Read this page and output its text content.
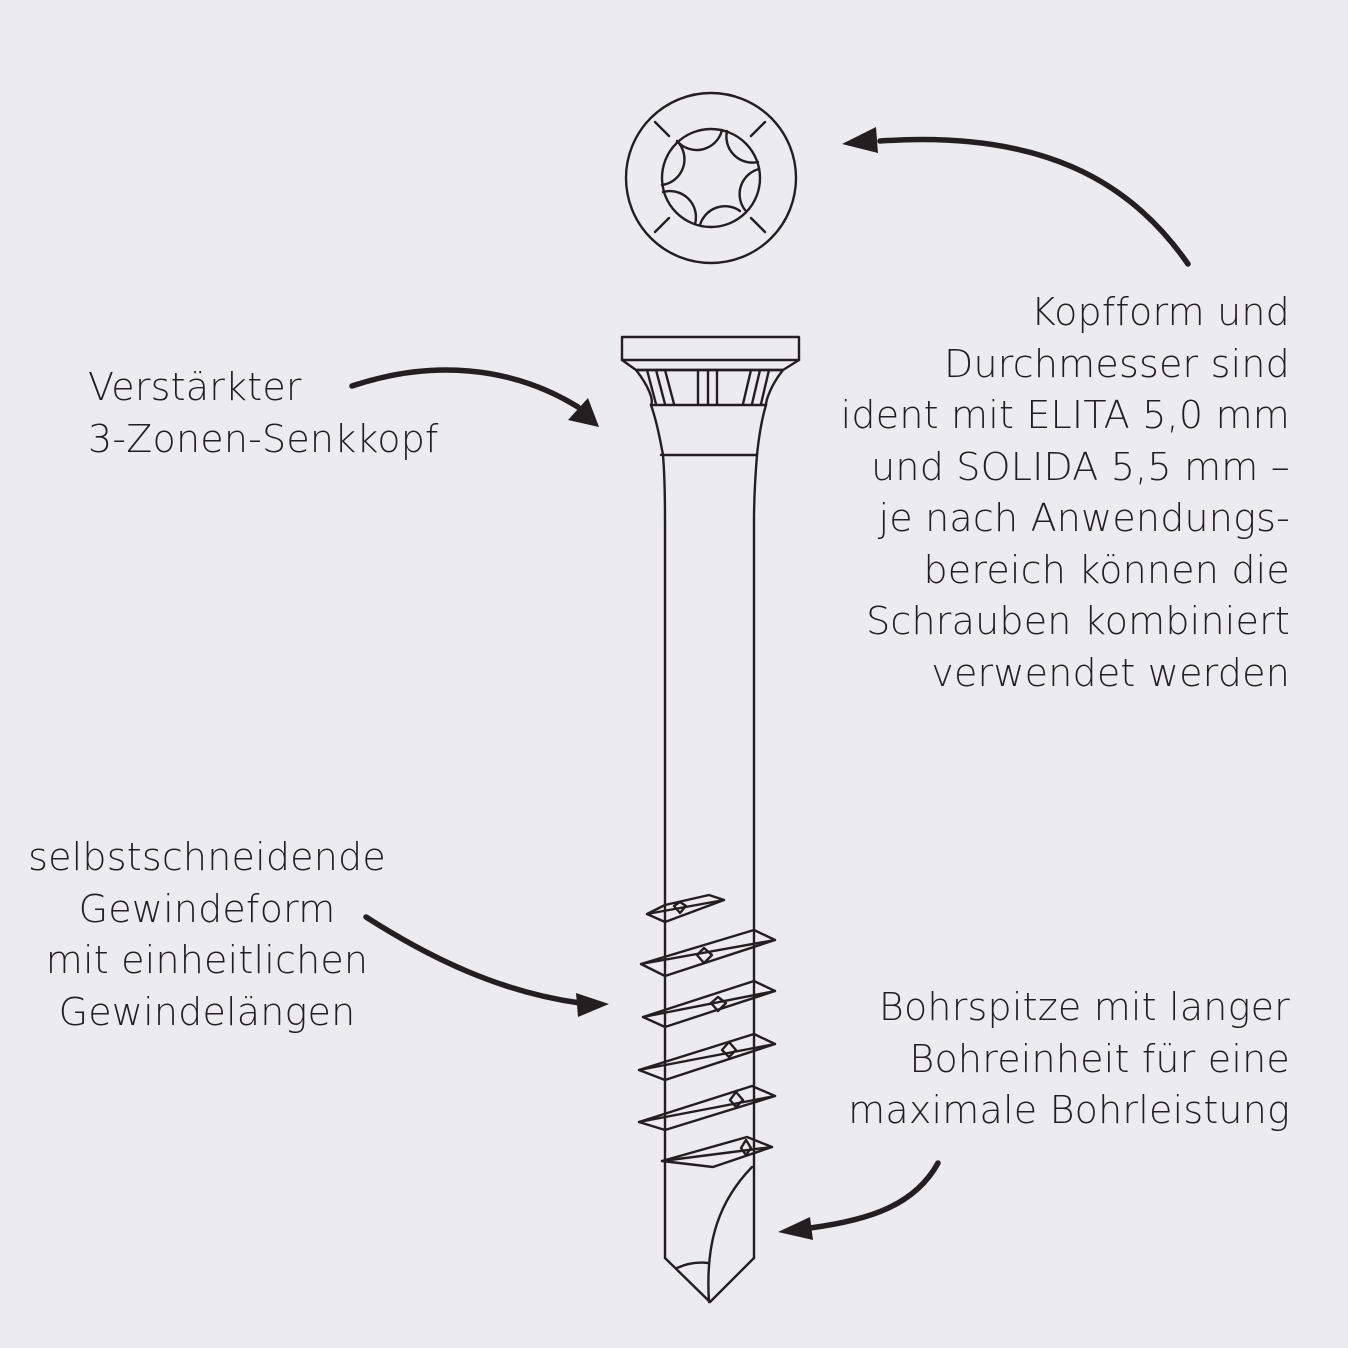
Verstärkter
3-Zonen-Senkkopf
Kopfform und
Durchmesser sind
ident mit ELITA 5,0 mm
und SOLIDA 5,5 mm –
je nach Anwendungs-
bereich können die
Schrauben kombiniert
verwendet werden
selbstschneidende
Gewindeform
mit einheitlichen
Gewindelängen	Bohrspitze mit langer
Bohreinheit für eine
maximale Bohrleistung
